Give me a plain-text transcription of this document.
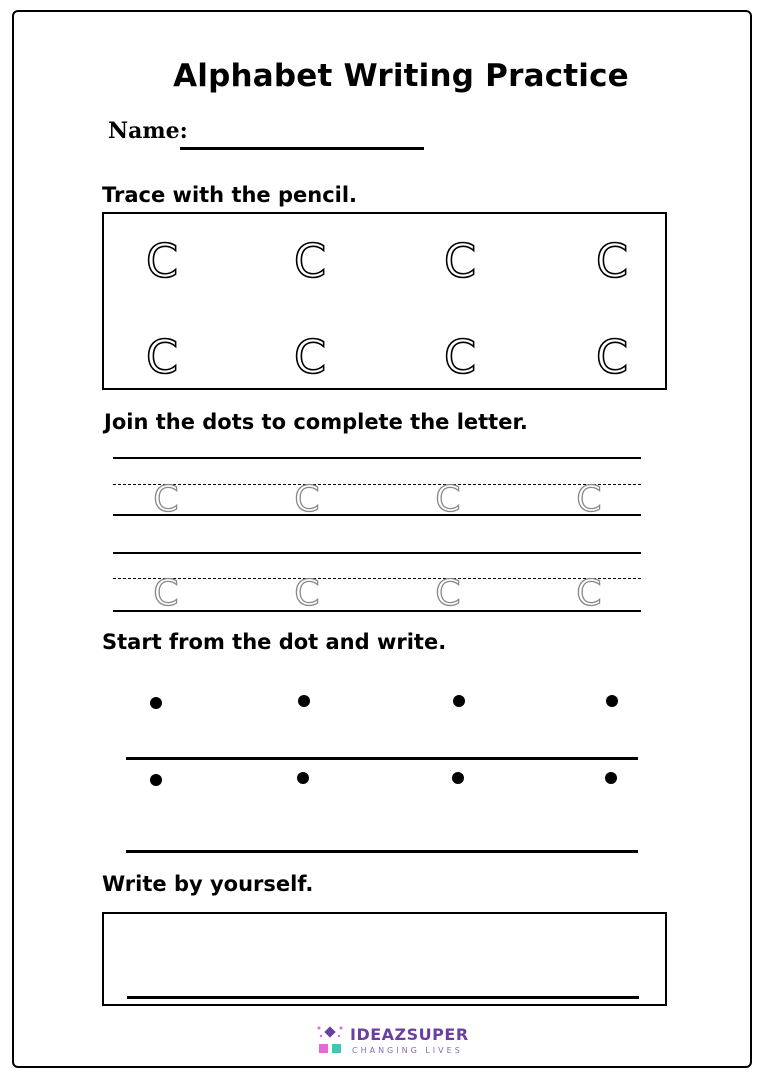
Alphabet Writing Practice
Name:
Trace with the pencil.
C	C	C	C
C	C	C	C
Join the dots to complete the letter.
C	C	C	C
C	C	C	C
Start from the dot and write.
Write by yourself.
IDEAZSUPER
CHANGING LIVES
